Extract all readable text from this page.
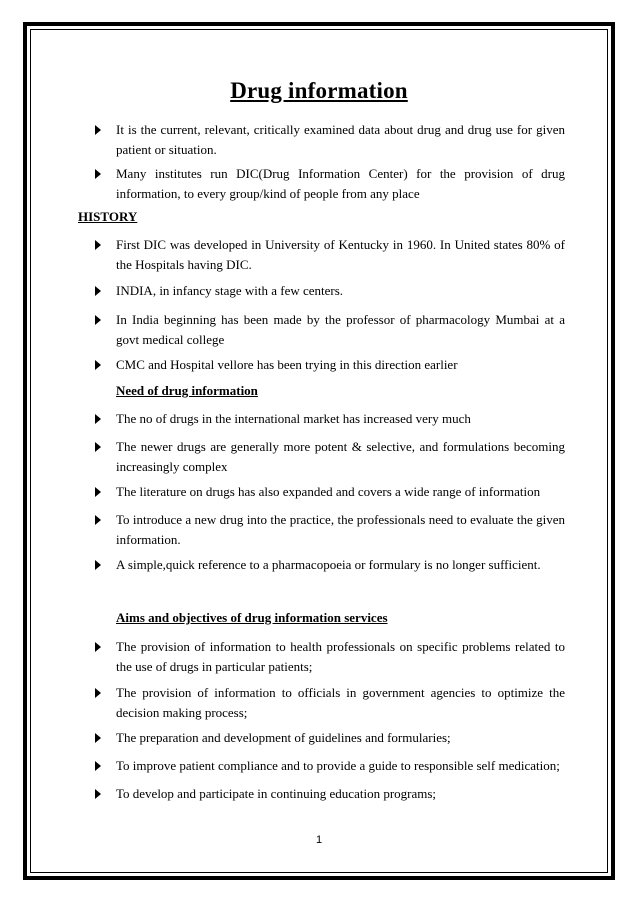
Drug information
It is the current, relevant, critically examined data about drug and drug use for given patient or situation.
Many institutes run DIC(Drug Information Center) for the provision of drug information, to every group/kind of people from any place
HISTORY
First DIC was developed in University of Kentucky in 1960. In United states 80% of the Hospitals having DIC.
INDIA, in infancy stage with a few centers.
In India beginning has been made by the professor of pharmacology Mumbai at a govt medical college
CMC and Hospital vellore has been trying in this direction earlier
Need of drug information
The no of drugs in the international market has increased very much
The newer drugs are generally more potent & selective, and formulations becoming increasingly complex
The literature on drugs has also expanded and covers a wide range of information
To introduce a new drug into the practice, the professionals need to evaluate the given information.
A simple,quick reference to a pharmacopoeia or formulary is no longer sufficient.
Aims and objectives of drug information services
The provision of information to health professionals on specific problems related to the use of drugs in particular patients;
The provision of information to officials in government agencies to optimize the decision making process;
The preparation and development of guidelines and formularies;
To improve patient compliance and to provide a guide to responsible self medication;
To develop and participate in continuing education programs;
1
